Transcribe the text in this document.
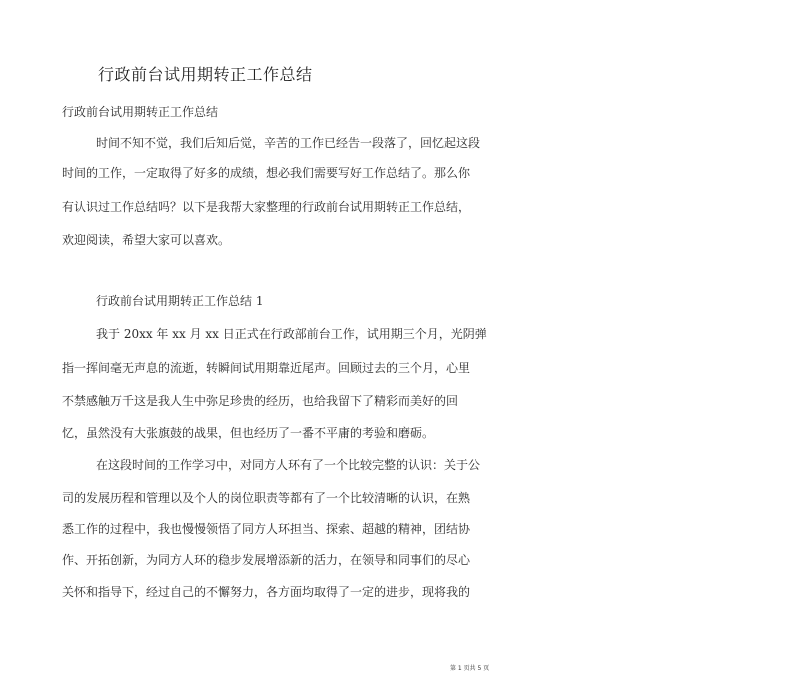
行政前台试用期转正工作总结
行政前台试用期转正工作总结
时间不知不觉，我们后知后觉，辛苦的工作已经告一段落了，回忆起这段
时间的工作，一定取得了好多的成绩，想必我们需要写好工作总结了。那么你
有认识过工作总结吗？以下是我帮大家整理的行政前台试用期转正工作总结，
欢迎阅读，希望大家可以喜欢。
行政前台试用期转正工作总结 1
我于 20xx 年 xx 月 xx 日正式在行政部前台工作，试用期三个月，光阴弹
指一挥间毫无声息的流逝，转瞬间试用期靠近尾声。回顾过去的三个月，心里
不禁感触万千这是我人生中弥足珍贵的经历，也给我留下了精彩而美好的回
忆，虽然没有大张旗鼓的战果，但也经历了一番不平庸的考验和磨砺。
在这段时间的工作学习中，对同方人环有了一个比较完整的认识：关于公
司的发展历程和管理以及个人的岗位职责等都有了一个比较清晰的认识，在熟
悉工作的过程中，我也慢慢领悟了同方人环担当、探索、超越的精神，团结协
作、开拓创新，为同方人环的稳步发展增添新的活力，在领导和同事们的尽心
关怀和指导下，经过自己的不懈努力，各方面均取得了一定的进步，现将我的
第 1 页共 5 页
